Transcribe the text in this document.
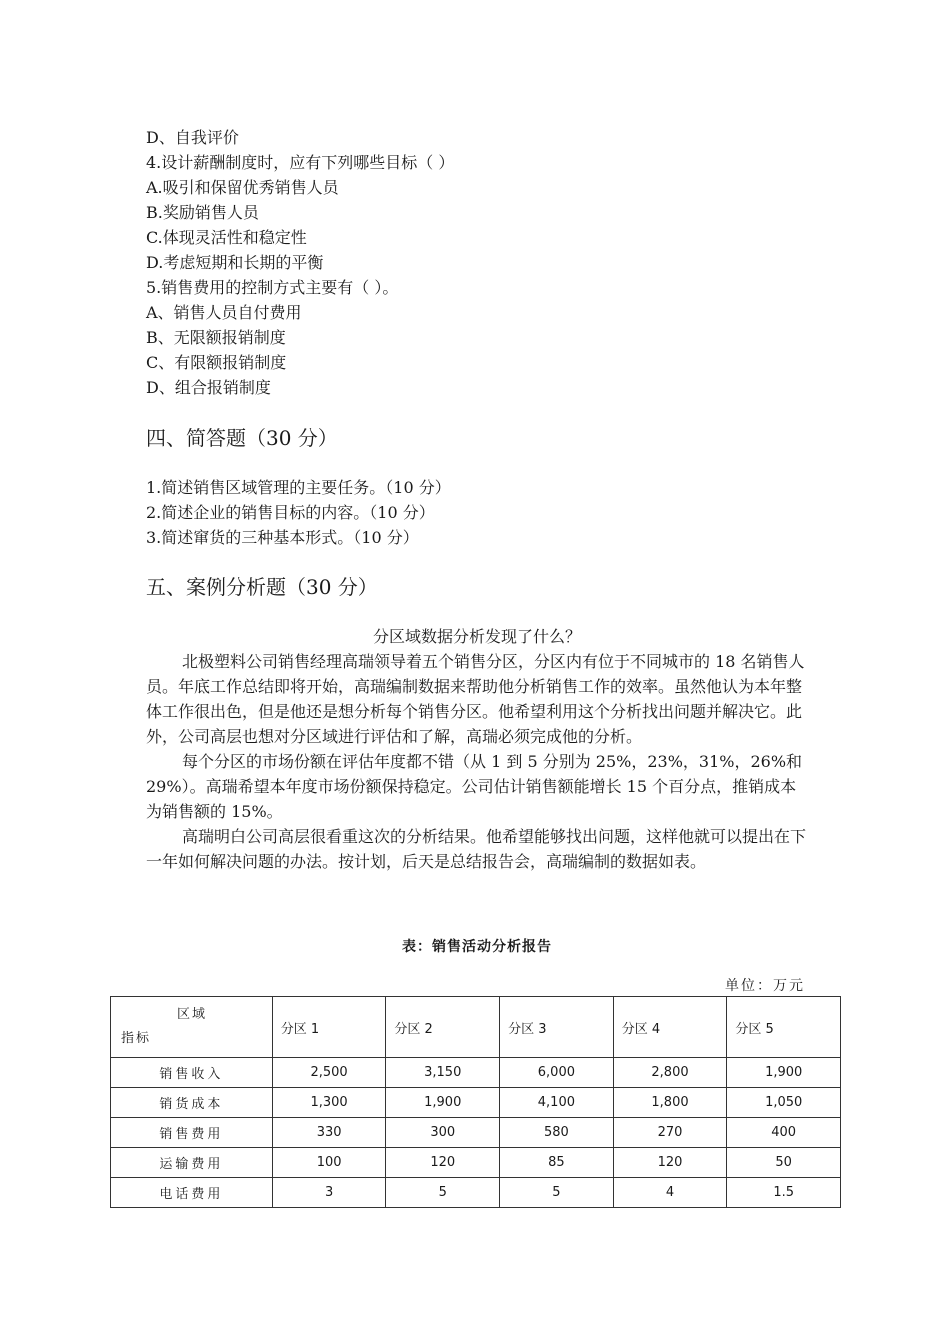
D、自我评价
4.设计薪酬制度时，应有下列哪些目标（ ）
A.吸引和保留优秀销售人员
B.奖励销售人员
C.体现灵活性和稳定性
D.考虑短期和长期的平衡
5.销售费用的控制方式主要有（ ）。
A、销售人员自付费用
B、无限额报销制度
C、有限额报销制度
D、组合报销制度
四、简答题（30 分）
1.简述销售区域管理的主要任务。（10 分）
2.简述企业的销售目标的内容。（10 分）
3.简述窜货的三种基本形式。（10 分）
五、案例分析题（30 分）
分区域数据分析发现了什么？

北极塑料公司销售经理高瑞领导着五个销售分区，分区内有位于不同城市的 18 名销售人员。年底工作总结即将开始，高瑞编制数据来帮助他分析销售工作的效率。虽然他认为本年整体工作很出色，但是他还是想分析每个销售分区。他希望利用这个分析找出问题并解决它。此外，公司高层也想对分区域进行评估和了解，高瑞必须完成他的分析。

每个分区的市场份额在评估年度都不错（从 1 到 5 分别为 25%，23%，31%，26%和 29%）。高瑞希望本年度市场份额保持稳定。公司估计销售额能增长 15 个百分点，推销成本为销售额的 15%。

高瑞明白公司高层很看重这次的分析结果。他希望能够找出问题，这样他就可以提出在下一年如何解决问题的办法。按计划，后天是总结报告会，高瑞编制的数据如表。

表：销售活动分析报告
单位：万元
区域
指标	分区 1	分区 2	分区 3	分区 4	分区 5
销售收入	2,500	3,150	6,000	2,800	1,900
销货成本	1,300	1,900	4,100	1,800	1,050
销售费用	330	300	580	270	400
运输费用	100	120	85	120	50
电话费用	3	5	5	4	1.5
